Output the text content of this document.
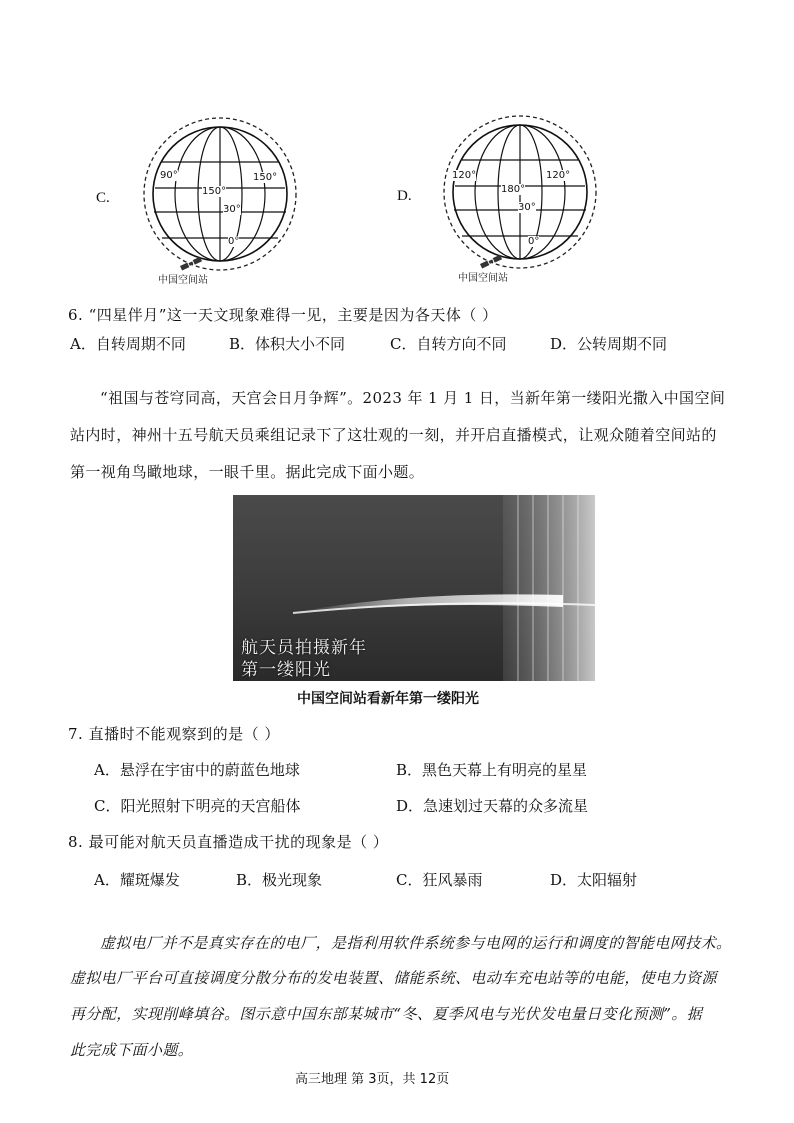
C.
90°
150°
150°
30°
0°
中国空间站
D.
120°
180°
120°
30°
0°
中国空间站
6. “四星伴月”这一天文现象难得一见，主要是因为各天体（ ）
A．自转周期不同	B．体积大小不同	C．自转方向不同	D．公转周期不同
“祖国与苍穹同高，天宫会日月争辉”。2023 年 1 月 1 日，当新年第一缕阳光撒入中国空间
站内时，神州十五号航天员乘组记录下了这壮观的一刻，并开启直播模式，让观众随着空间站的
第一视角鸟瞰地球，一眼千里。据此完成下面小题。
航天员拍摄新年
第一缕阳光
中国空间站看新年第一缕阳光
7. 直播时不能观察到的是（ ）
A．悬浮在宇宙中的蔚蓝色地球	B．黑色天幕上有明亮的星星
C．阳光照射下明亮的天宫船体	D．急速划过天幕的众多流星
8. 最可能对航天员直播造成干扰的现象是（ ）
A．耀斑爆发	B．极光现象	C．狂风暴雨	D．太阳辐射
虚拟电厂并不是真实存在的电厂，是指利用软件系统参与电网的运行和调度的智能电网技术。
虚拟电厂平台可直接调度分散分布的发电装置、储能系统、电动车充电站等的电能，使电力资源
再分配，实现削峰填谷。图示意中国东部某城市“冬、夏季风电与光伏发电量日变化预测”。据
此完成下面小题。
高三地理 第 3页，共 12页
